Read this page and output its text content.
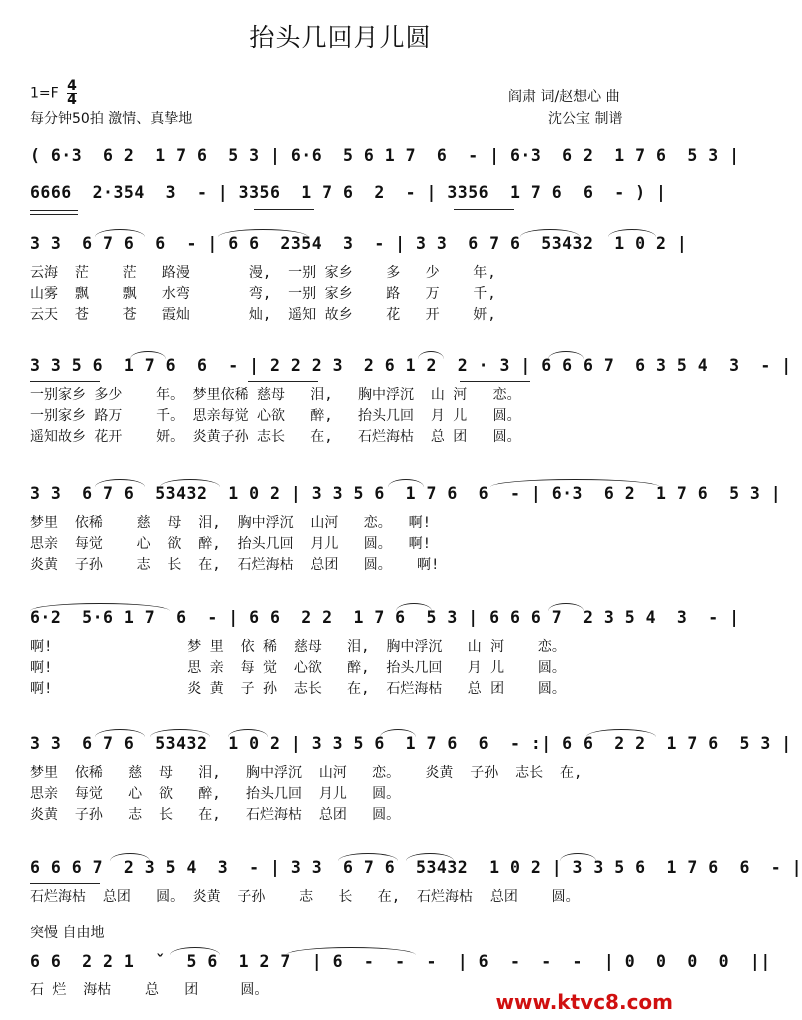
抬头几回月儿圆
$1=F \frac{4}{4}$
每分钟50拍 激情、真挚地
阎肃 词/赵想心 曲
沈公宝 制谱
( 6·3  6 2  1 7 6  5 3 | 6·6  5 6 1 7  6  - | 6·3  6 2  1 7 6  5 3 |
6666  2·354  3  - | 3356  1 7 6  2  - | 3356  1 7 6  6  - ) |
3 3  6 7 6  6  - | 6 6  2354  3  - | 3 3  6 7 6  53432  1 0 2 |
云海  茫    茫   路漫       漫,  一别 家乡    多   少    年,
山雾  飘    飘   水弯       弯,  一别 家乡    路   万    千,
云天  苍    苍   霞灿       灿,  遥知 故乡    花   开    妍,
3 3 5 6  1 7 6  6  - | 2 2 2 3  2 6 1 2  2 · 3 | 6 6 6 7  6 3 5 4  3  - |
一别家乡 多少    年。 梦里依稀 慈母   泪,   胸中浮沉  山 河   恋。
一别家乡 路万    千。 思亲每觉 心欲   醉,   抬头几回  月 儿   圆。
遥知故乡 花开    妍。 炎黄子孙 志长   在,   石烂海枯  总 团   圆。
3 3  6 7 6  53432  1 0 2 | 3 3 5 6  1 7 6  6  - | 6·3  6 2  1 7 6  5 3 |
梦里  依稀    慈  母  泪,  胸中浮沉  山河   恋。  啊!
思亲  每觉    心  欲  醉,  抬头几回  月儿   圆。  啊!
炎黄  子孙    志  长  在,  石烂海枯  总团   圆。   啊!
6·2  5·6 1 7  6  - | 6 6  2 2  1 7 6  5 3 | 6 6 6 7  2 3 5 4  3  - |
啊!                梦 里  依 稀  慈母   泪,  胸中浮沉   山 河    恋。
啊!                思 亲  每 觉  心欲   醉,  抬头几回   月 儿    圆。
啊!                炎 黄  子 孙  志长   在,  石烂海枯   总 团    圆。
3 3  6 7 6  53432  1 0 2 | 3 3 5 6  1 7 6  6  - :| 6 6  2 2  1 7 6  5 3 |
梦里  依稀   慈  母   泪,   胸中浮沉  山河   恋。   炎黄  子孙  志长  在,
思亲  每觉   心  欲   醉,   抬头几回  月儿   圆。
炎黄  子孙   志  长   在,   石烂海枯  总团   圆。
6 6 6 7  2 3 5 4  3  - | 3 3  6 7 6  53432  1 0 2 | 3 3 5 6  1 7 6  6  - |
石烂海枯  总团   圆。 炎黄  子孙    志   长   在,  石烂海枯  总团    圆。
突慢 自由地
6 6  2 2 1  ˇ  5 6  1 2 7  | 6  -  -  -  | 6  -  -  -  | 0  0  0  0  ||
石 烂  海枯    总   团     圆。	www.ktvc8.com
